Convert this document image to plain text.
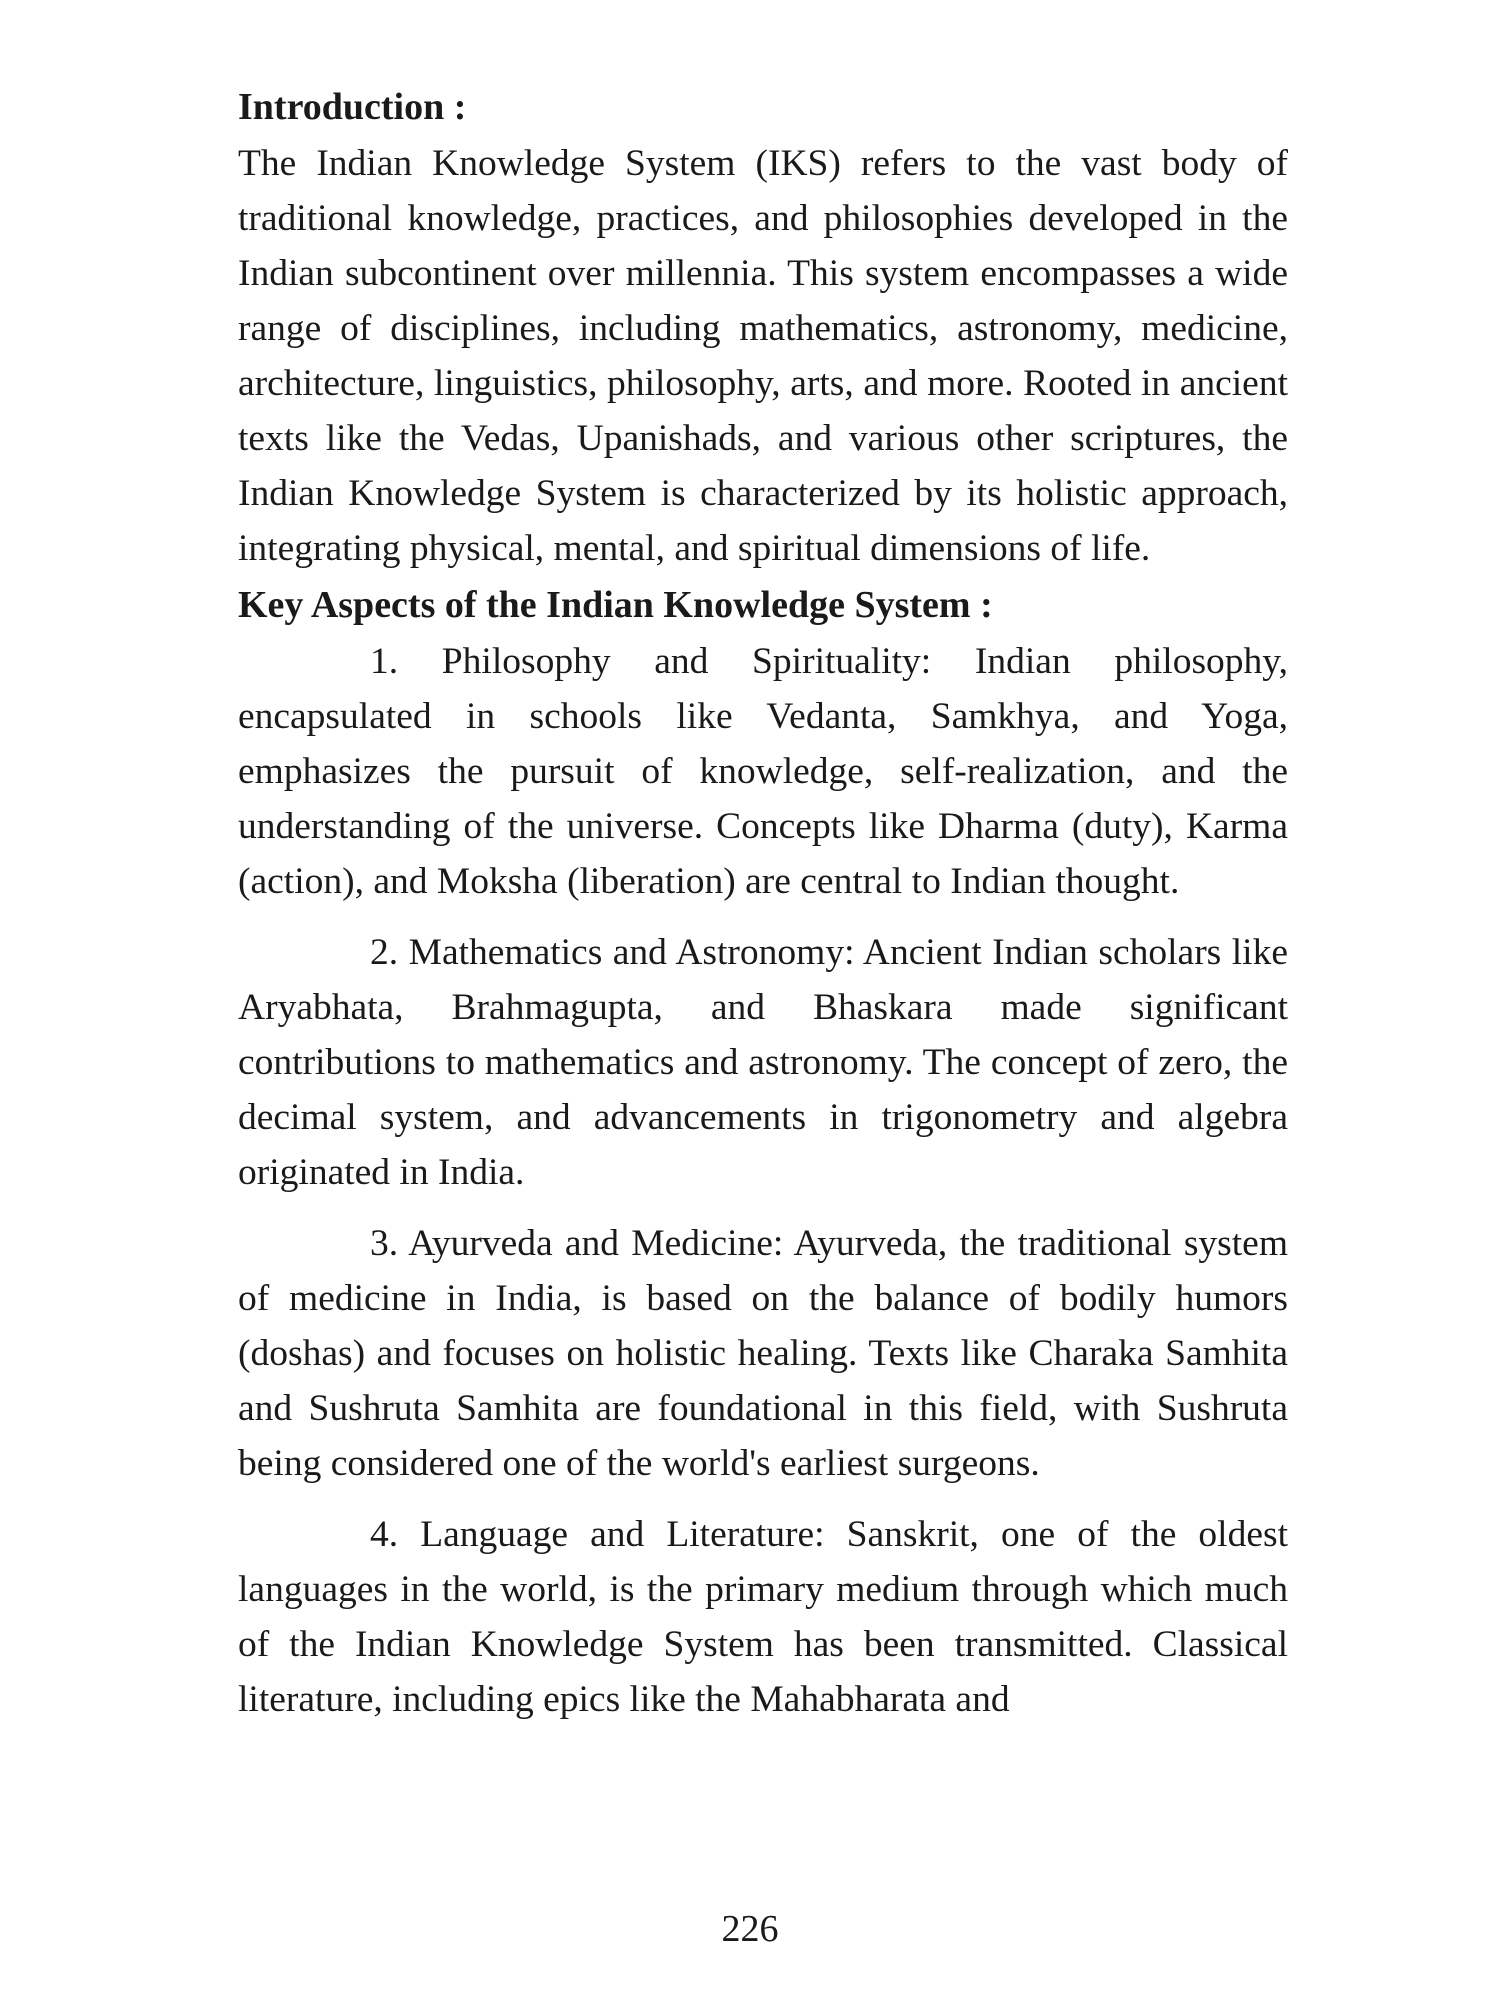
Introduction :

The Indian Knowledge System (IKS) refers to the vast body of traditional knowledge, practices, and philosophies developed in the Indian subcontinent over millennia. This system encompasses a wide range of disciplines, including mathematics, astronomy, medicine, architecture, linguistics, philosophy, arts, and more. Rooted in ancient texts like the Vedas, Upanishads, and various other scriptures, the Indian Knowledge System is characterized by its holistic approach, integrating physical, mental, and spiritual dimensions of life.

Key Aspects of the Indian Knowledge System :

1. Philosophy and Spirituality: Indian philosophy, encapsulated in schools like Vedanta, Samkhya, and Yoga, emphasizes the pursuit of knowledge, self-realization, and the understanding of the universe. Concepts like Dharma (duty), Karma (action), and Moksha (liberation) are central to Indian thought.

2. Mathematics and Astronomy: Ancient Indian scholars like Aryabhata, Brahmagupta, and Bhaskara made significant contributions to mathematics and astronomy. The concept of zero, the decimal system, and advancements in trigonometry and algebra originated in India.

3. Ayurveda and Medicine: Ayurveda, the traditional system of medicine in India, is based on the balance of bodily humors (doshas) and focuses on holistic healing. Texts like Charaka Samhita and Sushruta Samhita are foundational in this field, with Sushruta being considered one of the world's earliest surgeons.

4. Language and Literature: Sanskrit, one of the oldest languages in the world, is the primary medium through which much of the Indian Knowledge System has been transmitted. Classical literature, including epics like the Mahabharata and

226
